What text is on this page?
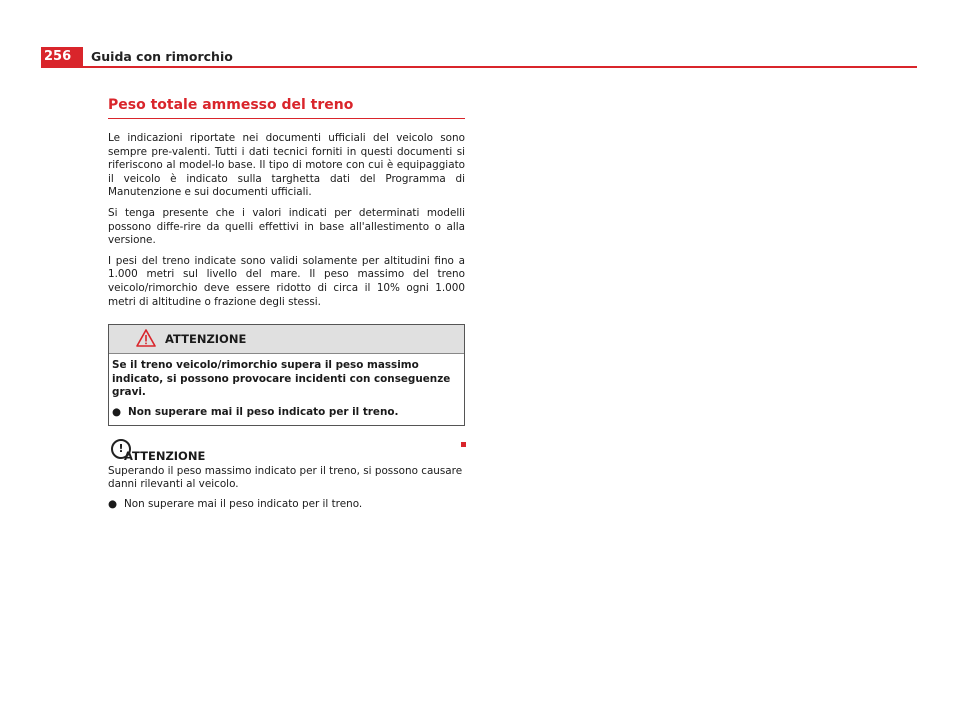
256	Guida con rimorchio
Peso totale ammesso del treno

Le indicazioni riportate nei documenti ufficiali del veicolo sono sempre pre-valenti. Tutti i dati tecnici forniti in questi documenti si riferiscono al model-lo base. Il tipo di motore con cui è equipaggiato il veicolo è indicato sulla targhetta dati del Programma di Manutenzione e sui documenti ufficiali.

Si tenga presente che i valori indicati per determinati modelli possono diffe-rire da quelli effettivi in base all'allestimento o alla versione.

I pesi del treno indicate sono validi solamente per altitudini fino a 1.000 metri sul livello del mare. Il peso massimo del treno veicolo/rimorchio deve essere ridotto di circa il 10% ogni 1.000 metri di altitudine o frazione degli stessi.

ATTENZIONE

Se il treno veicolo/rimorchio supera il peso massimo indicato, si possono provocare incidenti con conseguenze gravi.

● Non superare mai il peso indicato per il treno.
!
ATTENZIONE

Superando il peso massimo indicato per il treno, si possono causare danni rilevanti al veicolo.

● Non superare mai il peso indicato per il treno.
